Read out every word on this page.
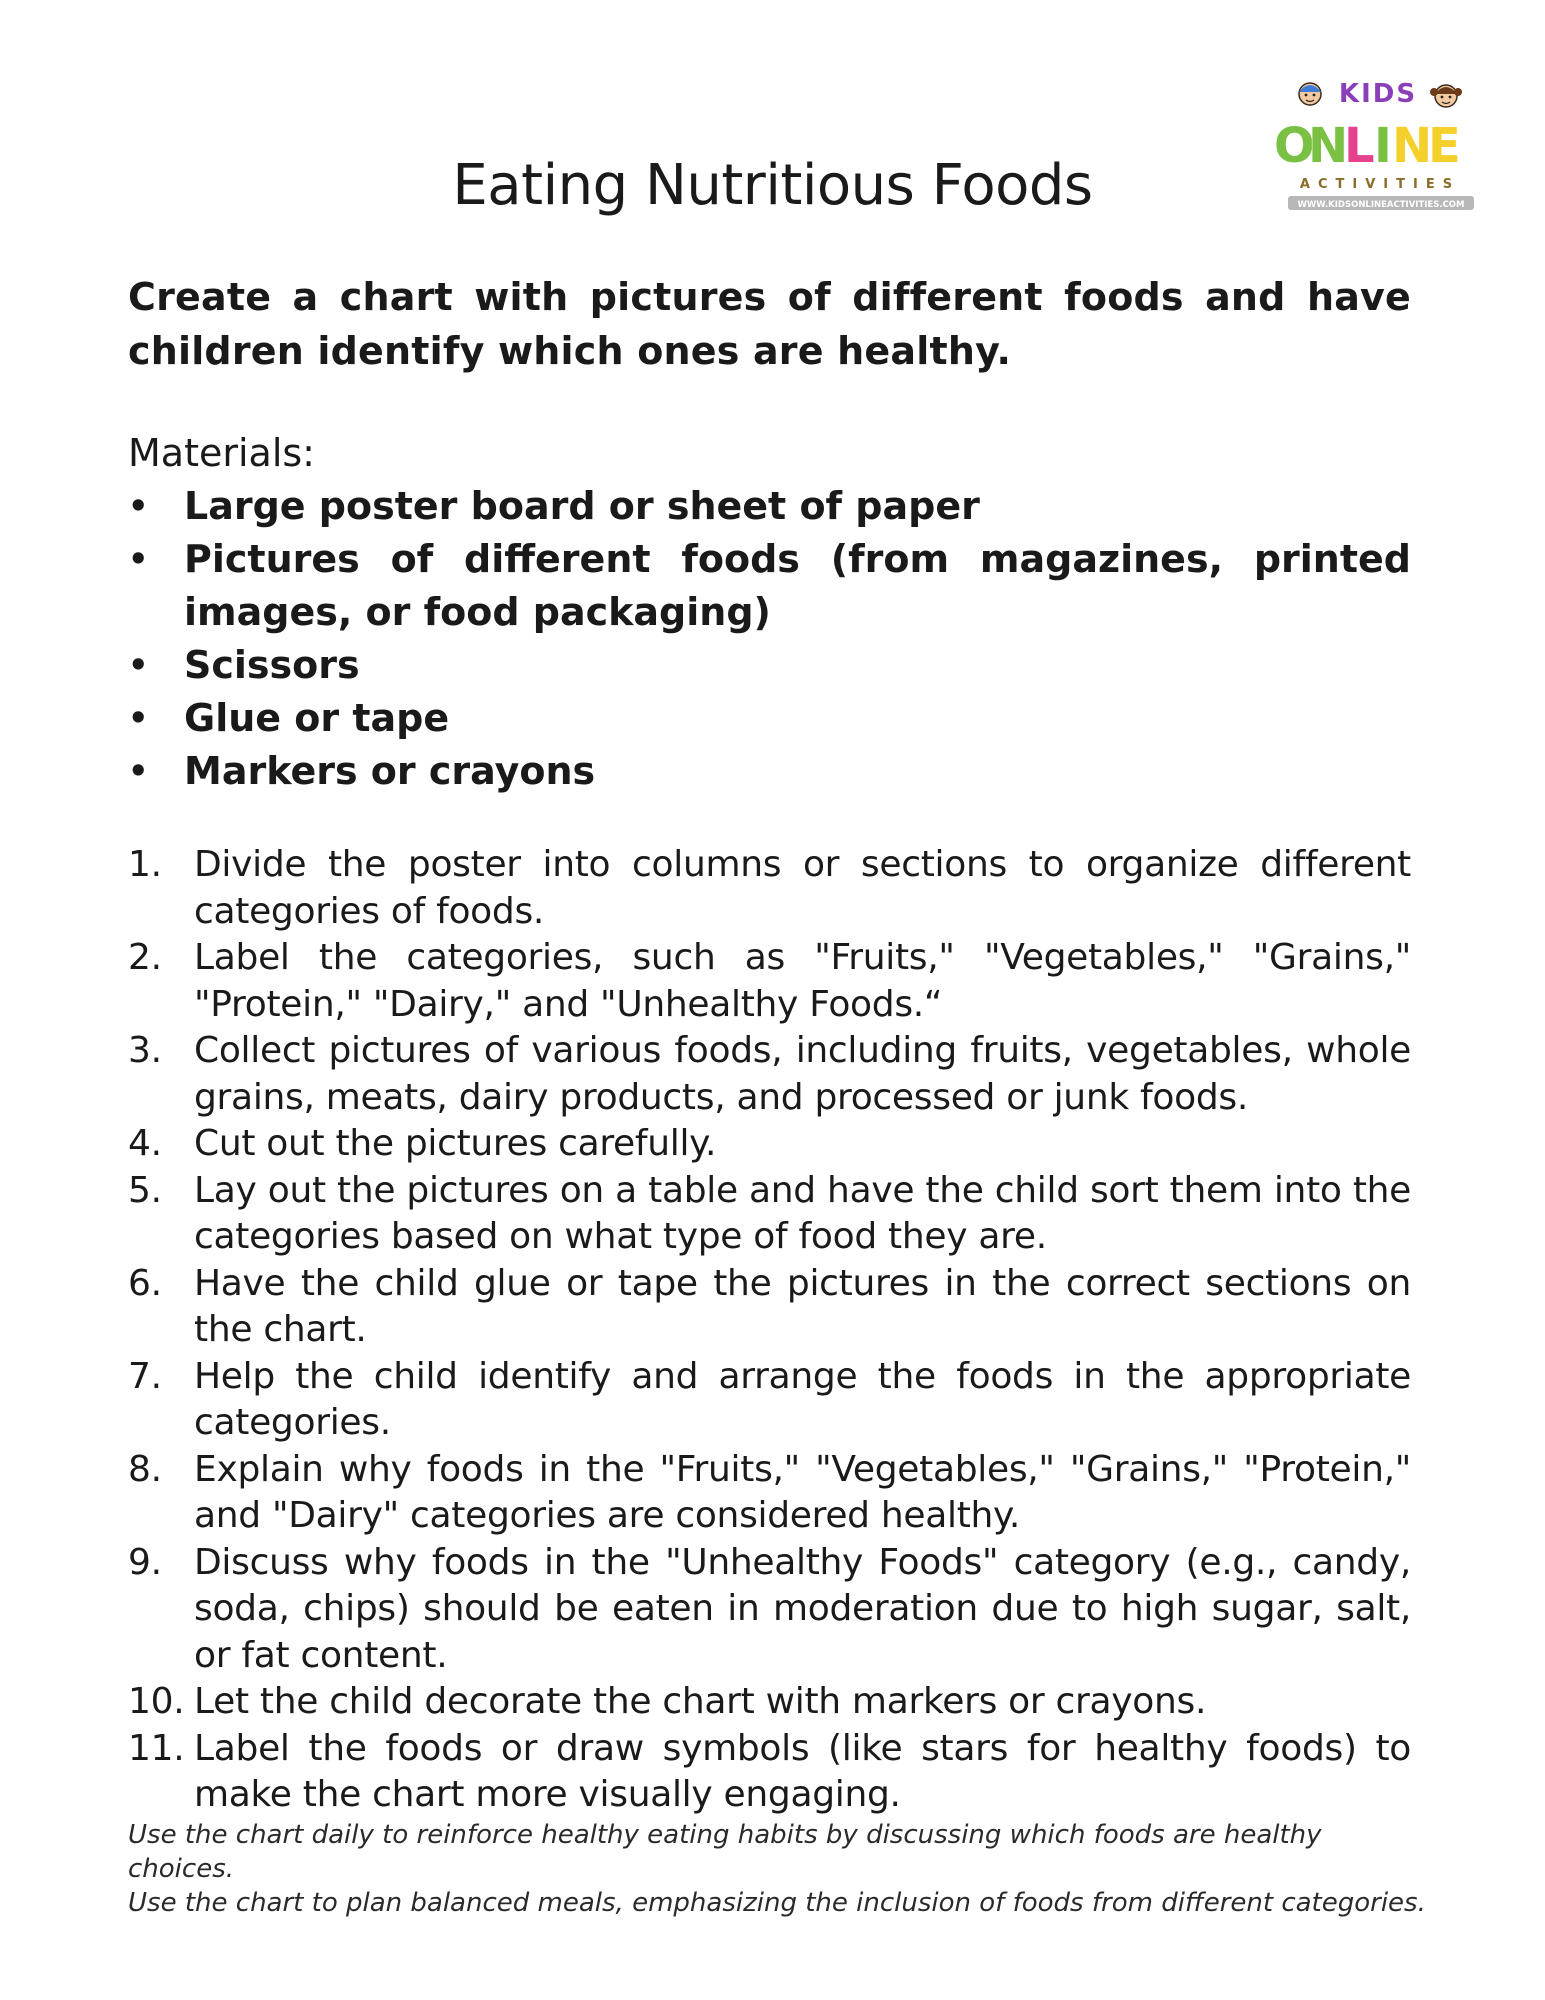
KIDS
O
N
L I N
E
ACTIVITIES
WWW.KIDSONLINEACTIVITIES.COM
Eating Nutritious Foods
Create a chart with pictures of different foods and have children identify which ones are healthy.
Materials:
• Large poster board or sheet of paper
• Pictures of different foods (from magazines, printed images, or food packaging)
• Scissors
• Glue or tape
• Markers or crayons
1. Divide the poster into columns or sections to organize different categories of foods.
2. Label the categories, such as "Fruits," "Vegetables," "Grains," "Protein," "Dairy," and "Unhealthy Foods.“
3. Collect pictures of various foods, including fruits, vegetables, whole grains, meats, dairy products, and processed or junk foods.
4. Cut out the pictures carefully.
5. Lay out the pictures on a table and have the child sort them into the categories based on what type of food they are.
6. Have the child glue or tape the pictures in the correct sections on the chart.
7. Help the child identify and arrange the foods in the appropriate categories.
8. Explain why foods in the "Fruits," "Vegetables," "Grains," "Protein," and "Dairy" categories are considered healthy.
9. Discuss why foods in the "Unhealthy Foods" category (e.g., candy, soda, chips) should be eaten in moderation due to high sugar, salt, or fat content.
10. Let the child decorate the chart with markers or crayons.
11. Label the foods or draw symbols (like stars for healthy foods) to make the chart more visually engaging.

Use the chart daily to reinforce healthy eating habits by discussing which foods are healthy choices.

Use the chart to plan balanced meals, emphasizing the inclusion of foods from different categories.
